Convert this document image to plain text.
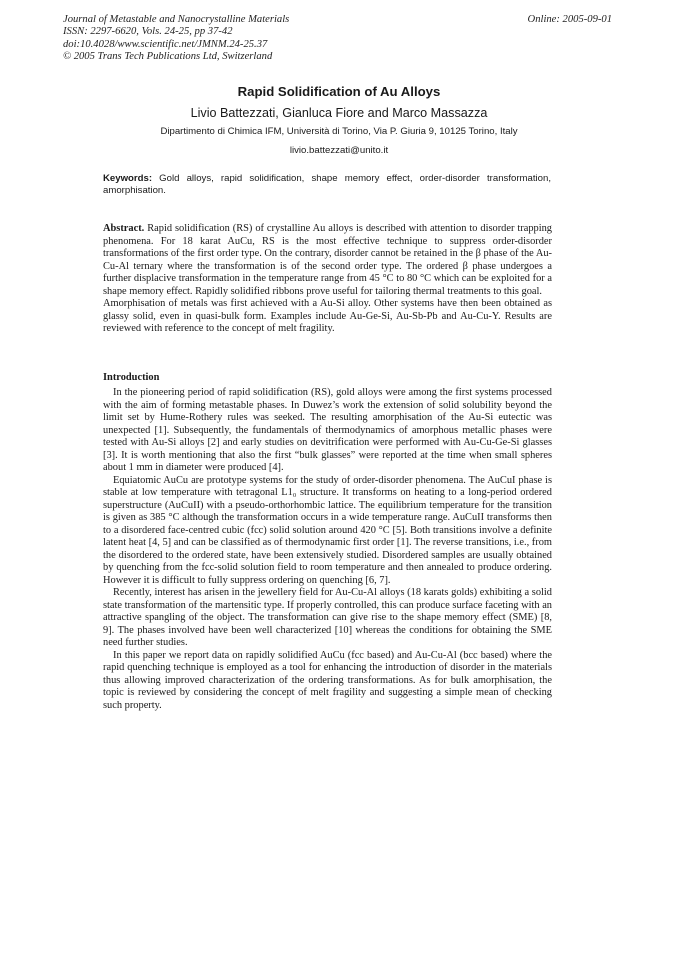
Journal of Metastable and Nanocrystalline Materials
ISSN: 2297-6620, Vols. 24-25, pp 37-42
doi:10.4028/www.scientific.net/JMNM.24-25.37
© 2005 Trans Tech Publications Ltd, Switzerland
Online: 2005-09-01
Rapid Solidification of Au Alloys
Livio Battezzati, Gianluca Fiore and Marco Massazza
Dipartimento di Chimica IFM, Università di Torino, Via P. Giuria 9, 10125 Torino, Italy
livio.battezzati@unito.it
Keywords: Gold alloys, rapid solidification, shape memory effect, order-disorder transformation, amorphisation.

Abstract. Rapid solidification (RS) of crystalline Au alloys is described with attention to disorder trapping phenomena. For 18 karat AuCu, RS is the most effective technique to suppress order-disorder transformations of the first order type. On the contrary, disorder cannot be retained in the β phase of the Au-Cu-Al ternary where the transformation is of the second order type. The ordered β phase undergoes a further displacive transformation in the temperature range from 45 °C to 80 °C which can be exploited for a shape memory effect. Rapidly solidified ribbons prove useful for tailoring thermal treatments to this goal.

Amorphisation of metals was first achieved with a Au-Si alloy. Other systems have then been obtained as glassy solid, even in quasi-bulk form. Examples include Au-Ge-Si, Au-Sb-Pb and Au-Cu-Y. Results are reviewed with reference to the concept of melt fragility.

Introduction

In the pioneering period of rapid solidification (RS), gold alloys were among the first systems processed with the aim of forming metastable phases. In Duwez’s work the extension of solid solubility beyond the limit set by Hume-Rothery rules was seeked. The resulting amorphisation of the Au-Si eutectic was unexpected [1]. Subsequently, the fundamentals of thermodynamics of amorphous metallic phases were tested with Au-Si alloys [2] and early studies on devitrification were performed with Au-Cu-Ge-Si glasses [3]. It is worth mentioning that also the first “bulk glasses” were reported at the time when small spheres about 1 mm in diameter were produced [4].

Equiatomic AuCu are prototype systems for the study of order-disorder phenomena. The AuCuI phase is stable at low temperature with tetragonal L1₀ structure. It transforms on heating to a long-period ordered superstructure (AuCuII) with a pseudo-orthorhombic lattice. The equilibrium temperature for the transition is given as 385 °C although the transformation occurs in a wide temperature range. AuCuII transforms then to a disordered face-centred cubic (fcc) solid solution around 420 °C [5]. Both transitions involve a definite latent heat [4, 5] and can be classified as of thermodynamic first order [1]. The reverse transitions, i.e., from the disordered to the ordered state, have been extensively studied. Disordered samples are usually obtained by quenching from the fcc-solid solution field to room temperature and then annealed to produce ordering. However it is difficult to fully suppress ordering on quenching [6, 7].

Recently, interest has arisen in the jewellery field for Au-Cu-Al alloys (18 karats golds) exhibiting a solid state transformation of the martensitic type. If properly controlled, this can produce surface faceting with an attractive spangling of the object. The transformation can give rise to the shape memory effect (SME) [8, 9]. The phases involved have been well characterized [10] whereas the conditions for obtaining the SME need further studies.

In this paper we report data on rapidly solidified AuCu (fcc based) and Au-Cu-Al (bcc based) where the rapid quenching technique is employed as a tool for enhancing the introduction of disorder in the materials thus allowing improved characterization of the ordering transformations. As for bulk amorphisation, the topic is reviewed by considering the concept of melt fragility and suggesting a simple mean of checking such property.
